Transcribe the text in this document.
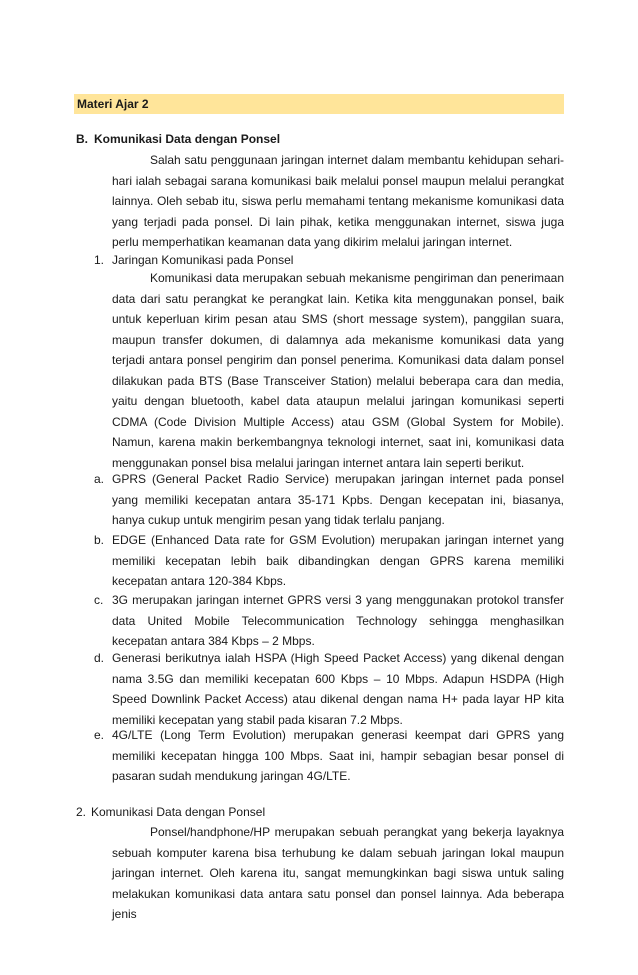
Materi Ajar 2
B. Komunikasi Data dengan Ponsel
Salah satu penggunaan jaringan internet dalam membantu kehidupan sehari-hari ialah sebagai sarana komunikasi baik melalui ponsel maupun melalui perangkat lainnya. Oleh sebab itu, siswa perlu memahami tentang mekanisme komunikasi data yang terjadi pada ponsel. Di lain pihak, ketika menggunakan internet, siswa juga perlu memperhatikan keamanan data yang dikirim melalui jaringan internet.
1. Jaringan Komunikasi pada Ponsel
Komunikasi data merupakan sebuah mekanisme pengiriman dan penerimaan data dari satu perangkat ke perangkat lain. Ketika kita menggunakan ponsel, baik untuk keperluan kirim pesan atau SMS (short message system), panggilan suara, maupun transfer dokumen, di dalamnya ada mekanisme komunikasi data yang terjadi antara ponsel pengirim dan ponsel penerima. Komunikasi data dalam ponsel dilakukan pada BTS (Base Transceiver Station) melalui beberapa cara dan media, yaitu dengan bluetooth, kabel data ataupun melalui jaringan komunikasi seperti CDMA (Code Division Multiple Access) atau GSM (Global System for Mobile). Namun, karena makin berkembangnya teknologi internet, saat ini, komunikasi data menggunakan ponsel bisa melalui jaringan internet antara lain seperti berikut.
a. GPRS (General Packet Radio Service) merupakan jaringan internet pada ponsel yang memiliki kecepatan antara 35-171 Kpbs. Dengan kecepatan ini, biasanya, hanya cukup untuk mengirim pesan yang tidak terlalu panjang.
b. EDGE (Enhanced Data rate for GSM Evolution) merupakan jaringan internet yang memiliki kecepatan lebih baik dibandingkan dengan GPRS karena memiliki kecepatan antara 120-384 Kbps.
c. 3G merupakan jaringan internet GPRS versi 3 yang menggunakan protokol transfer data United Mobile Telecommunication Technology sehingga menghasilkan kecepatan antara 384 Kbps – 2 Mbps.
d. Generasi berikutnya ialah HSPA (High Speed Packet Access) yang dikenal dengan nama 3.5G dan memiliki kecepatan 600 Kbps – 10 Mbps. Adapun HSDPA (High Speed Downlink Packet Access) atau dikenal dengan nama H+ pada layar HP kita memiliki kecepatan yang stabil pada kisaran 7.2 Mbps.
e. 4G/LTE (Long Term Evolution) merupakan generasi keempat dari GPRS yang memiliki kecepatan hingga 100 Mbps. Saat ini, hampir sebagian besar ponsel di pasaran sudah mendukung jaringan 4G/LTE.
2. Komunikasi Data dengan Ponsel
Ponsel/handphone/HP merupakan sebuah perangkat yang bekerja layaknya sebuah komputer karena bisa terhubung ke dalam sebuah jaringan lokal maupun jaringan internet. Oleh karena itu, sangat memungkinkan bagi siswa untuk saling melakukan komunikasi data antara satu ponsel dan ponsel lainnya. Ada beberapa jenis
